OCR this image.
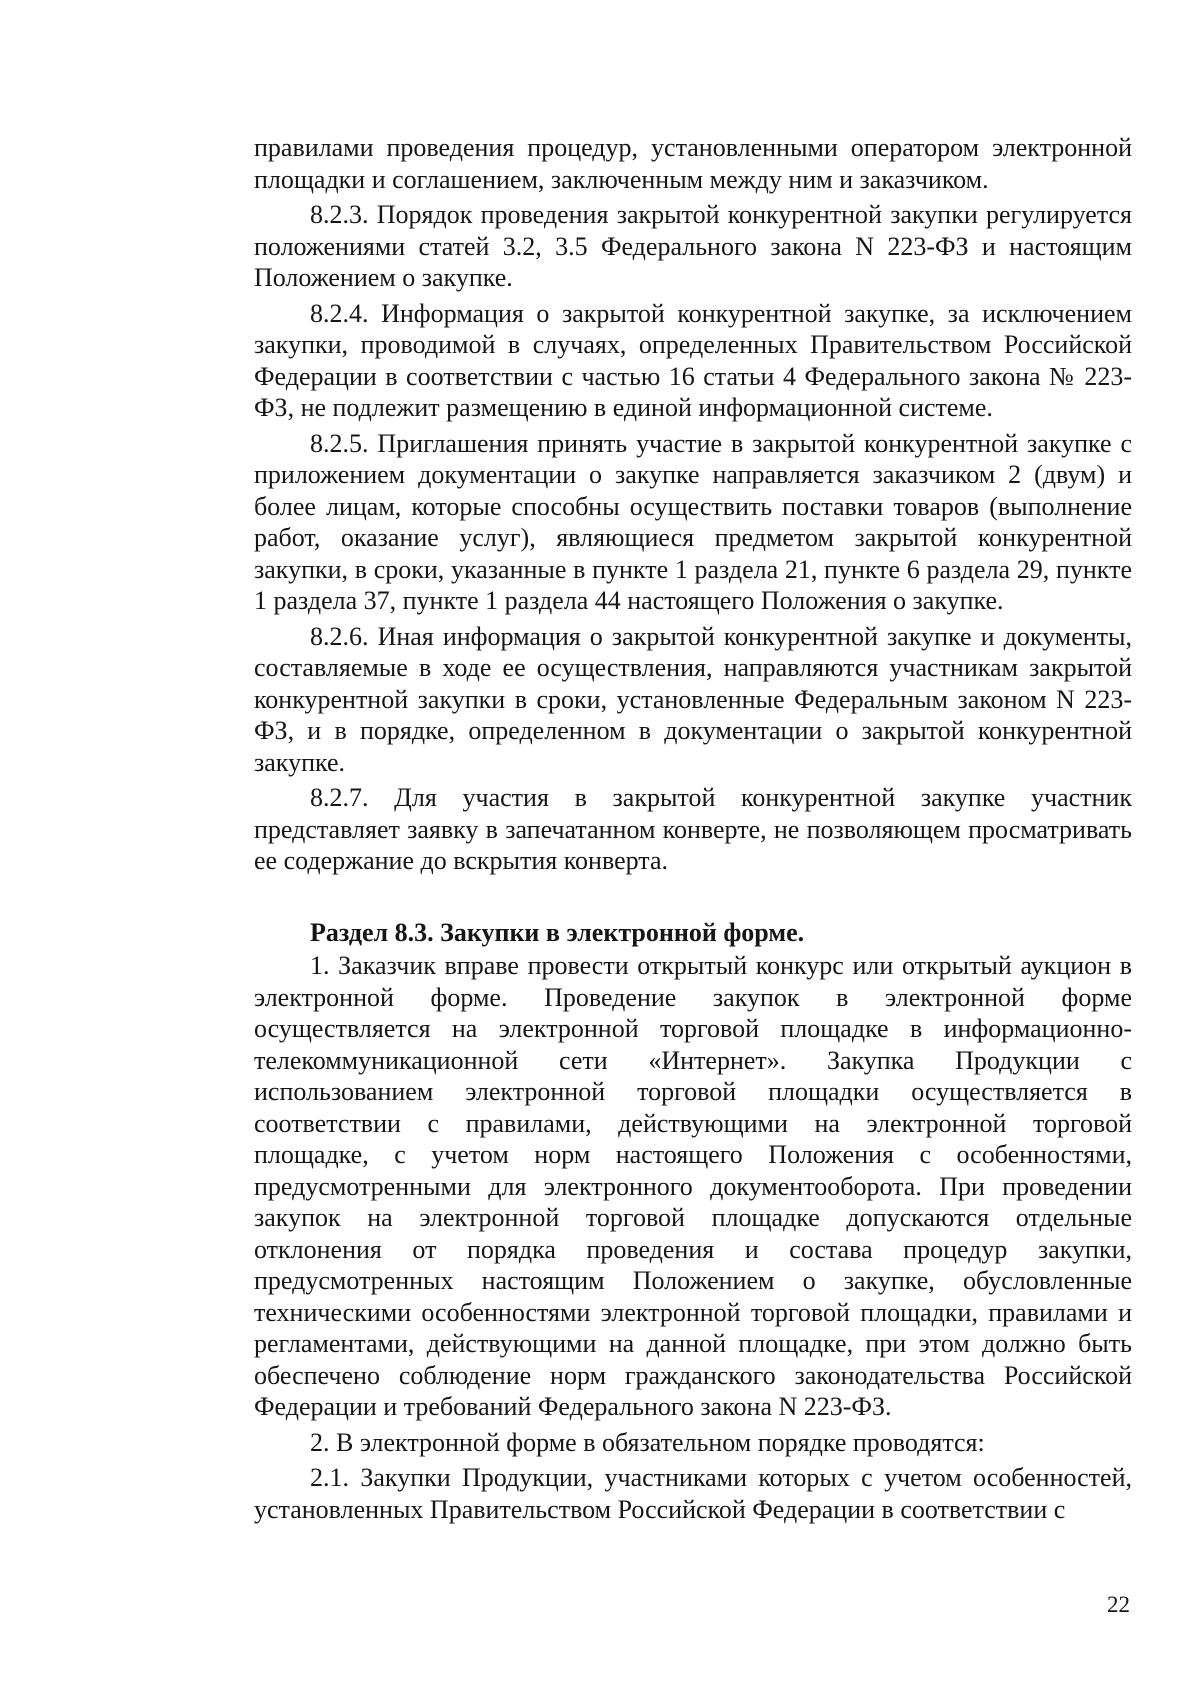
правилами проведения процедур, установленными оператором электронной площадки и соглашением, заключенным между ним и заказчиком.

8.2.3. Порядок проведения закрытой конкурентной закупки регулируется положениями статей 3.2, 3.5 Федерального закона N 223-ФЗ и настоящим Положением о закупке.

8.2.4. Информация о закрытой конкурентной закупке, за исключением закупки, проводимой в случаях, определенных Правительством Российской Федерации в соответствии с частью 16 статьи 4 Федерального закона № 223-ФЗ, не подлежит размещению в единой информационной системе.

8.2.5. Приглашения принять участие в закрытой конкурентной закупке с приложением документации о закупке направляется заказчиком 2 (двум) и более лицам, которые способны осуществить поставки товаров (выполнение работ, оказание услуг), являющиеся предметом закрытой конкурентной закупки, в сроки, указанные в пункте 1 раздела 21, пункте 6 раздела 29, пункте 1 раздела 37, пункте 1 раздела 44 настоящего Положения о закупке.

8.2.6. Иная информация о закрытой конкурентной закупке и документы, составляемые в ходе ее осуществления, направляются участникам закрытой конкурентной закупки в сроки, установленные Федеральным законом N 223-ФЗ, и в порядке, определенном в документации о закрытой конкурентной закупке.

8.2.7. Для участия в закрытой конкурентной закупке участник представляет заявку в запечатанном конверте, не позволяющем просматривать ее содержание до вскрытия конверта.

Раздел 8.3. Закупки в электронной форме.

1. Заказчик вправе провести открытый конкурс или открытый аукцион в электронной форме. Проведение закупок в электронной форме осуществляется на электронной торговой площадке в информационно-телекоммуникационной сети «Интернет». Закупка Продукции с использованием электронной торговой площадки осуществляется в соответствии с правилами, действующими на электронной торговой площадке, с учетом норм настоящего Положения с особенностями, предусмотренными для электронного документооборота. При проведении закупок на электронной торговой площадке допускаются отдельные отклонения от порядка проведения и состава процедур закупки, предусмотренных настоящим Положением о закупке, обусловленные техническими особенностями электронной торговой площадки, правилами и регламентами, действующими на данной площадке, при этом должно быть обеспечено соблюдение норм гражданского законодательства Российской Федерации и требований Федерального закона N 223-ФЗ.

2. В электронной форме в обязательном порядке проводятся:

2.1. Закупки Продукции, участниками которых с учетом особенностей, установленных Правительством Российской Федерации в соответствии с

22
